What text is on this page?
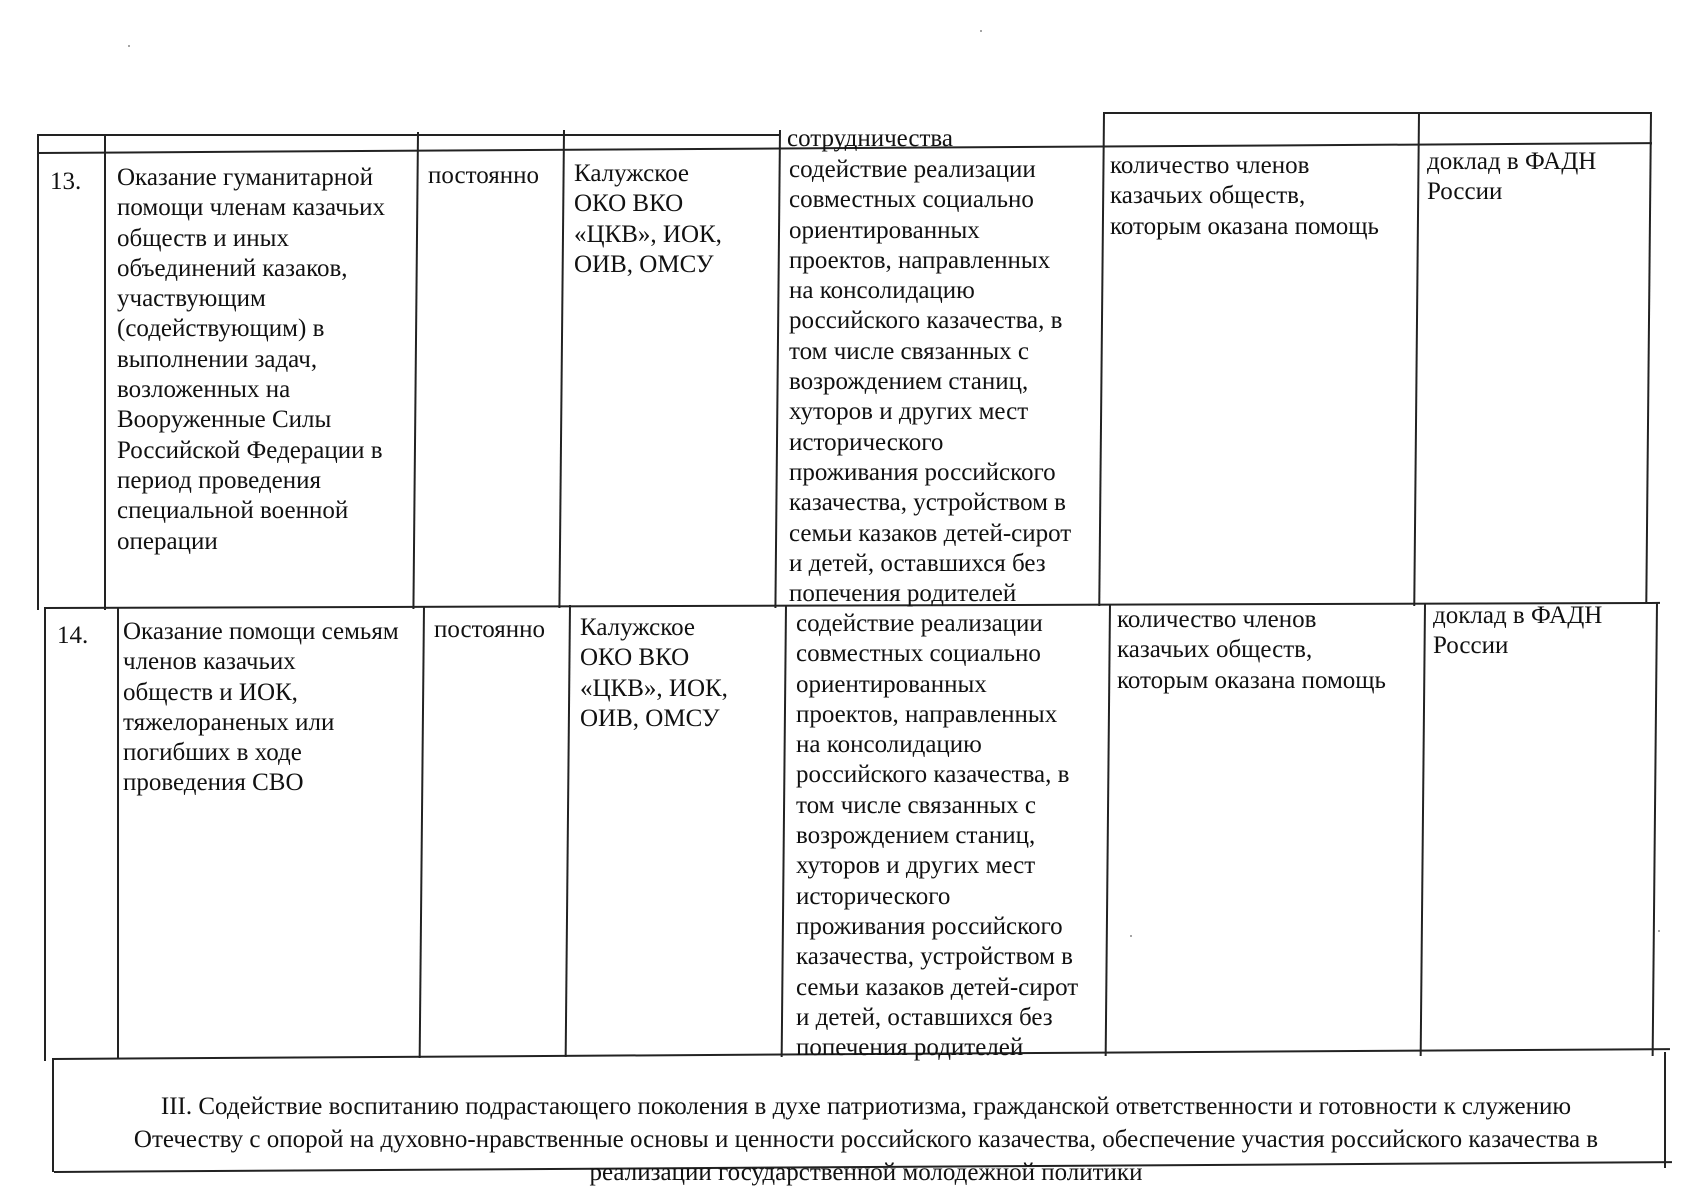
сотрудничества

13. Оказание гуманитарной
помощи членам казачьих
обществ и иных
объединений казаков,
участвующим
(содействующим) в
выполнении задач,
возложенных на
Вооруженные Силы
Российской Федерации в
период проведения
специальной военной
операции

постоянно Калужское
ОКО ВКО
«ЦКВ», ИОК,
ОИВ, ОМСУ

содействие реализации
совместных социально
ориентированных
проектов, направленных
на консолидацию
российского казачества, в
том числе связанных с
возрождением станиц,
хуторов и других мест
исторического
проживания российского
казачества, устройством в
семьи казаков детей-сирот
и детей, оставшихся без
попечения родителей

количество членов
казачьих обществ,
которым оказана помощь

доклад в ФАДН
России

14. Оказание помощи семьям
членов казачьих
обществ и ИОК,
тяжелораненых или
погибших в ходе
проведения СВО

постоянно Калужское
ОКО ВКО
«ЦКВ», ИОК,
ОИВ, ОМСУ

содействие реализации
совместных социально
ориентированных
проектов, направленных
на консолидацию
российского казачества, в
том числе связанных с
возрождением станиц,
хуторов и других мест
исторического
проживания российского
казачества, устройством в
семьи казаков детей-сирот
и детей, оставшихся без
попечения родителей

количество членов
казачьих обществ,
которым оказана помощь

доклад в ФАДН
России

III. Содействие воспитанию подрастающего поколения в духе патриотизма, гражданской ответственности и готовности к служению
Отечеству с опорой на духовно-нравственные основы и ценности российского казачества, обеспечение участия российского казачества в
реализации государственной молодежной политики
